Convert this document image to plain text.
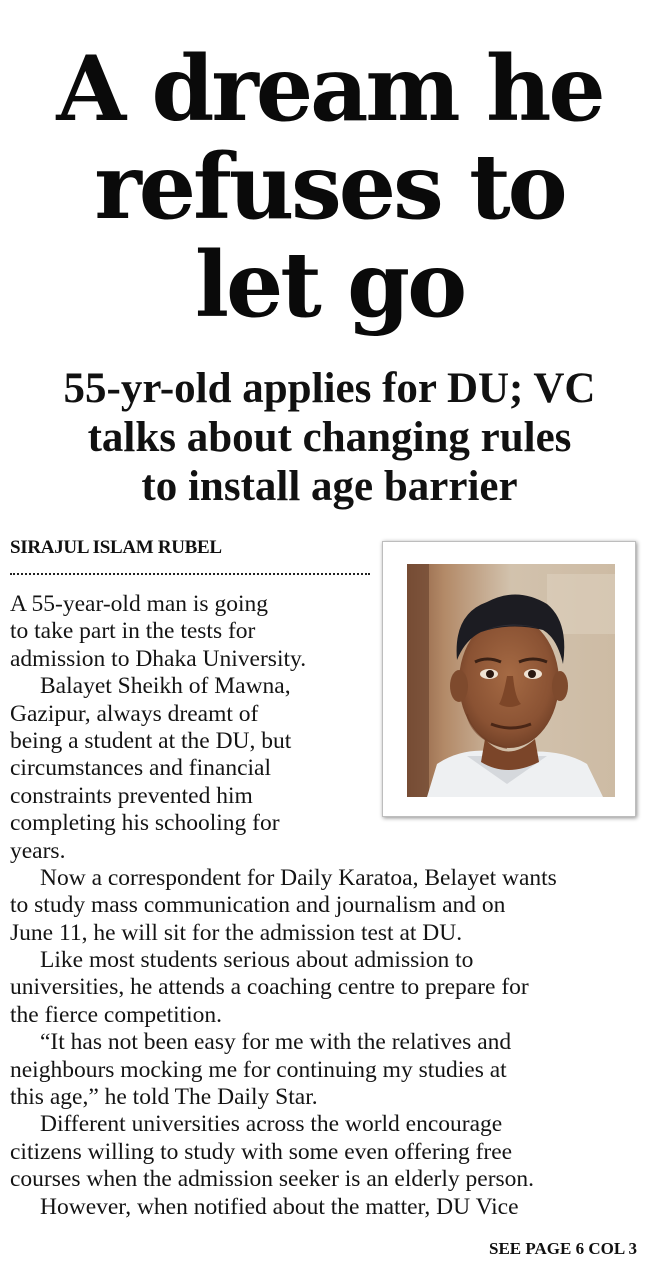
A dream he
refuses to
let go
55-yr-old applies for DU; VC
talks about changing rules
to install age barrier
SIRAJUL ISLAM RUBEL
A 55-year-old man is going
to take part in the tests for
admission to Dhaka University.
Balayet Sheikh of Mawna,
Gazipur, always dreamt of
being a student at the DU, but
circumstances and financial
constraints prevented him
completing his schooling for
years.
Now a correspondent for Daily Karatoa, Belayet wants
to study mass communication and journalism and on
June 11, he will sit for the admission test at DU.
Like most students serious about admission to
universities, he attends a coaching centre to prepare for
the fierce competition.
“It has not been easy for me with the relatives and
neighbours mocking me for continuing my studies at
this age,” he told The Daily Star.
Different universities across the world encourage
citizens willing to study with some even offering free
courses when the admission seeker is an elderly person.
However, when notified about the matter, DU Vice
SEE PAGE 6 COL 3
